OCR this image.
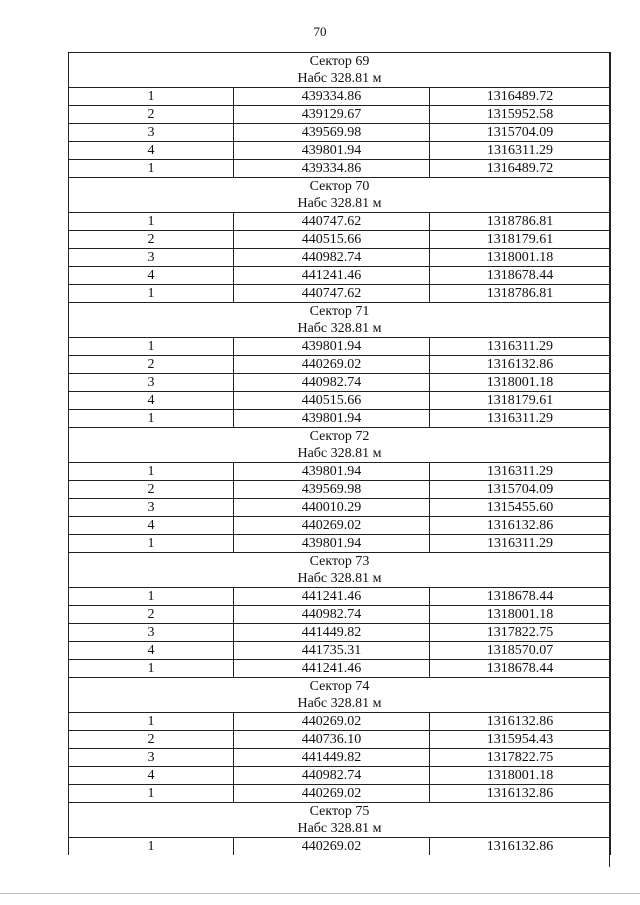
70
Сектор 69
Набс 328.81 м		

1	439334.86	1316489.72
2	439129.67	1315952.58
3	439569.98	1315704.09
4	439801.94	1316311.29
1	439334.86	1316489.72

Сектор 70
Набс 328.81 м		

1	440747.62	1318786.81
2	440515.66	1318179.61
3	440982.74	1318001.18
4	441241.46	1318678.44
1	440747.62	1318786.81

Сектор 71
Набс 328.81 м		

1	439801.94	1316311.29
2	440269.02	1316132.86
3	440982.74	1318001.18
4	440515.66	1318179.61
1	439801.94	1316311.29

Сектор 72
Набс 328.81 м		

1	439801.94	1316311.29
2	439569.98	1315704.09
3	440010.29	1315455.60
4	440269.02	1316132.86
1	439801.94	1316311.29

Сектор 73
Набс 328.81 м		

1	441241.46	1318678.44
2	440982.74	1318001.18
3	441449.82	1317822.75
4	441735.31	1318570.07
1	441241.46	1318678.44

Сектор 74
Набс 328.81 м		

1	440269.02	1316132.86
2	440736.10	1315954.43
3	441449.82	1317822.75
4	440982.74	1318001.18
1	440269.02	1316132.86

Сектор 75
Набс 328.81 м		

1	440269.02	1316132.86
